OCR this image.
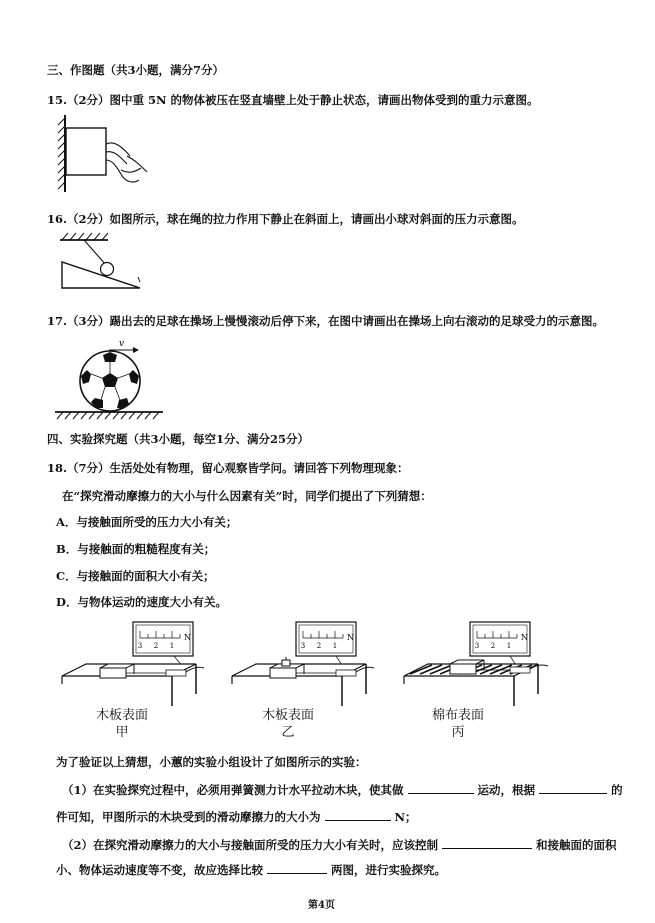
三、作图题（共3小题，满分7分）
15.（2分）图中重 5N 的物体被压在竖直墙壁上处于静止状态，请画出物体受到的重力示意图。
16.（2分）如图所示，球在绳的拉力作用下静止在斜面上，请画出小球对斜面的压力示意图。
17.（3分）踢出去的足球在操场上慢慢滚动后停下来，在图中请画出在操场上向右滚动的足球受力的示意图。
v
四、实验探究题（共3小题，每空1分、满分25分）
18.（7分）生活处处有物理，留心观察皆学问。请回答下列物理现象：
在“探究滑动摩擦力的大小与什么因素有关”时，同学们提出了下列猜想：
A．与接触面所受的压力大小有关；
B．与接触面的粗糙程度有关；
C．与接触面的面积大小有关；
D．与物体运动的速度大小有关。
3 2 1
N
3 2 1
N
3 2 1
N
木板表面
甲
木板表面
乙
棉布表面
丙
为了验证以上猜想，小蕙的实验小组设计了如图所示的实验：
（1）在实验探究过程中，必须用弹簧测力计水平拉动木块，使其做	运动，根据	的
件可知，甲图所示的木块受到的滑动摩擦力的大小为	N；
（2）在探究滑动摩擦力的大小与接触面所受的压力大小有关时，应该控制	和接触面的面积
小、物体运动速度等不变，故应选择比较	两图，进行实验探究。
第4页
